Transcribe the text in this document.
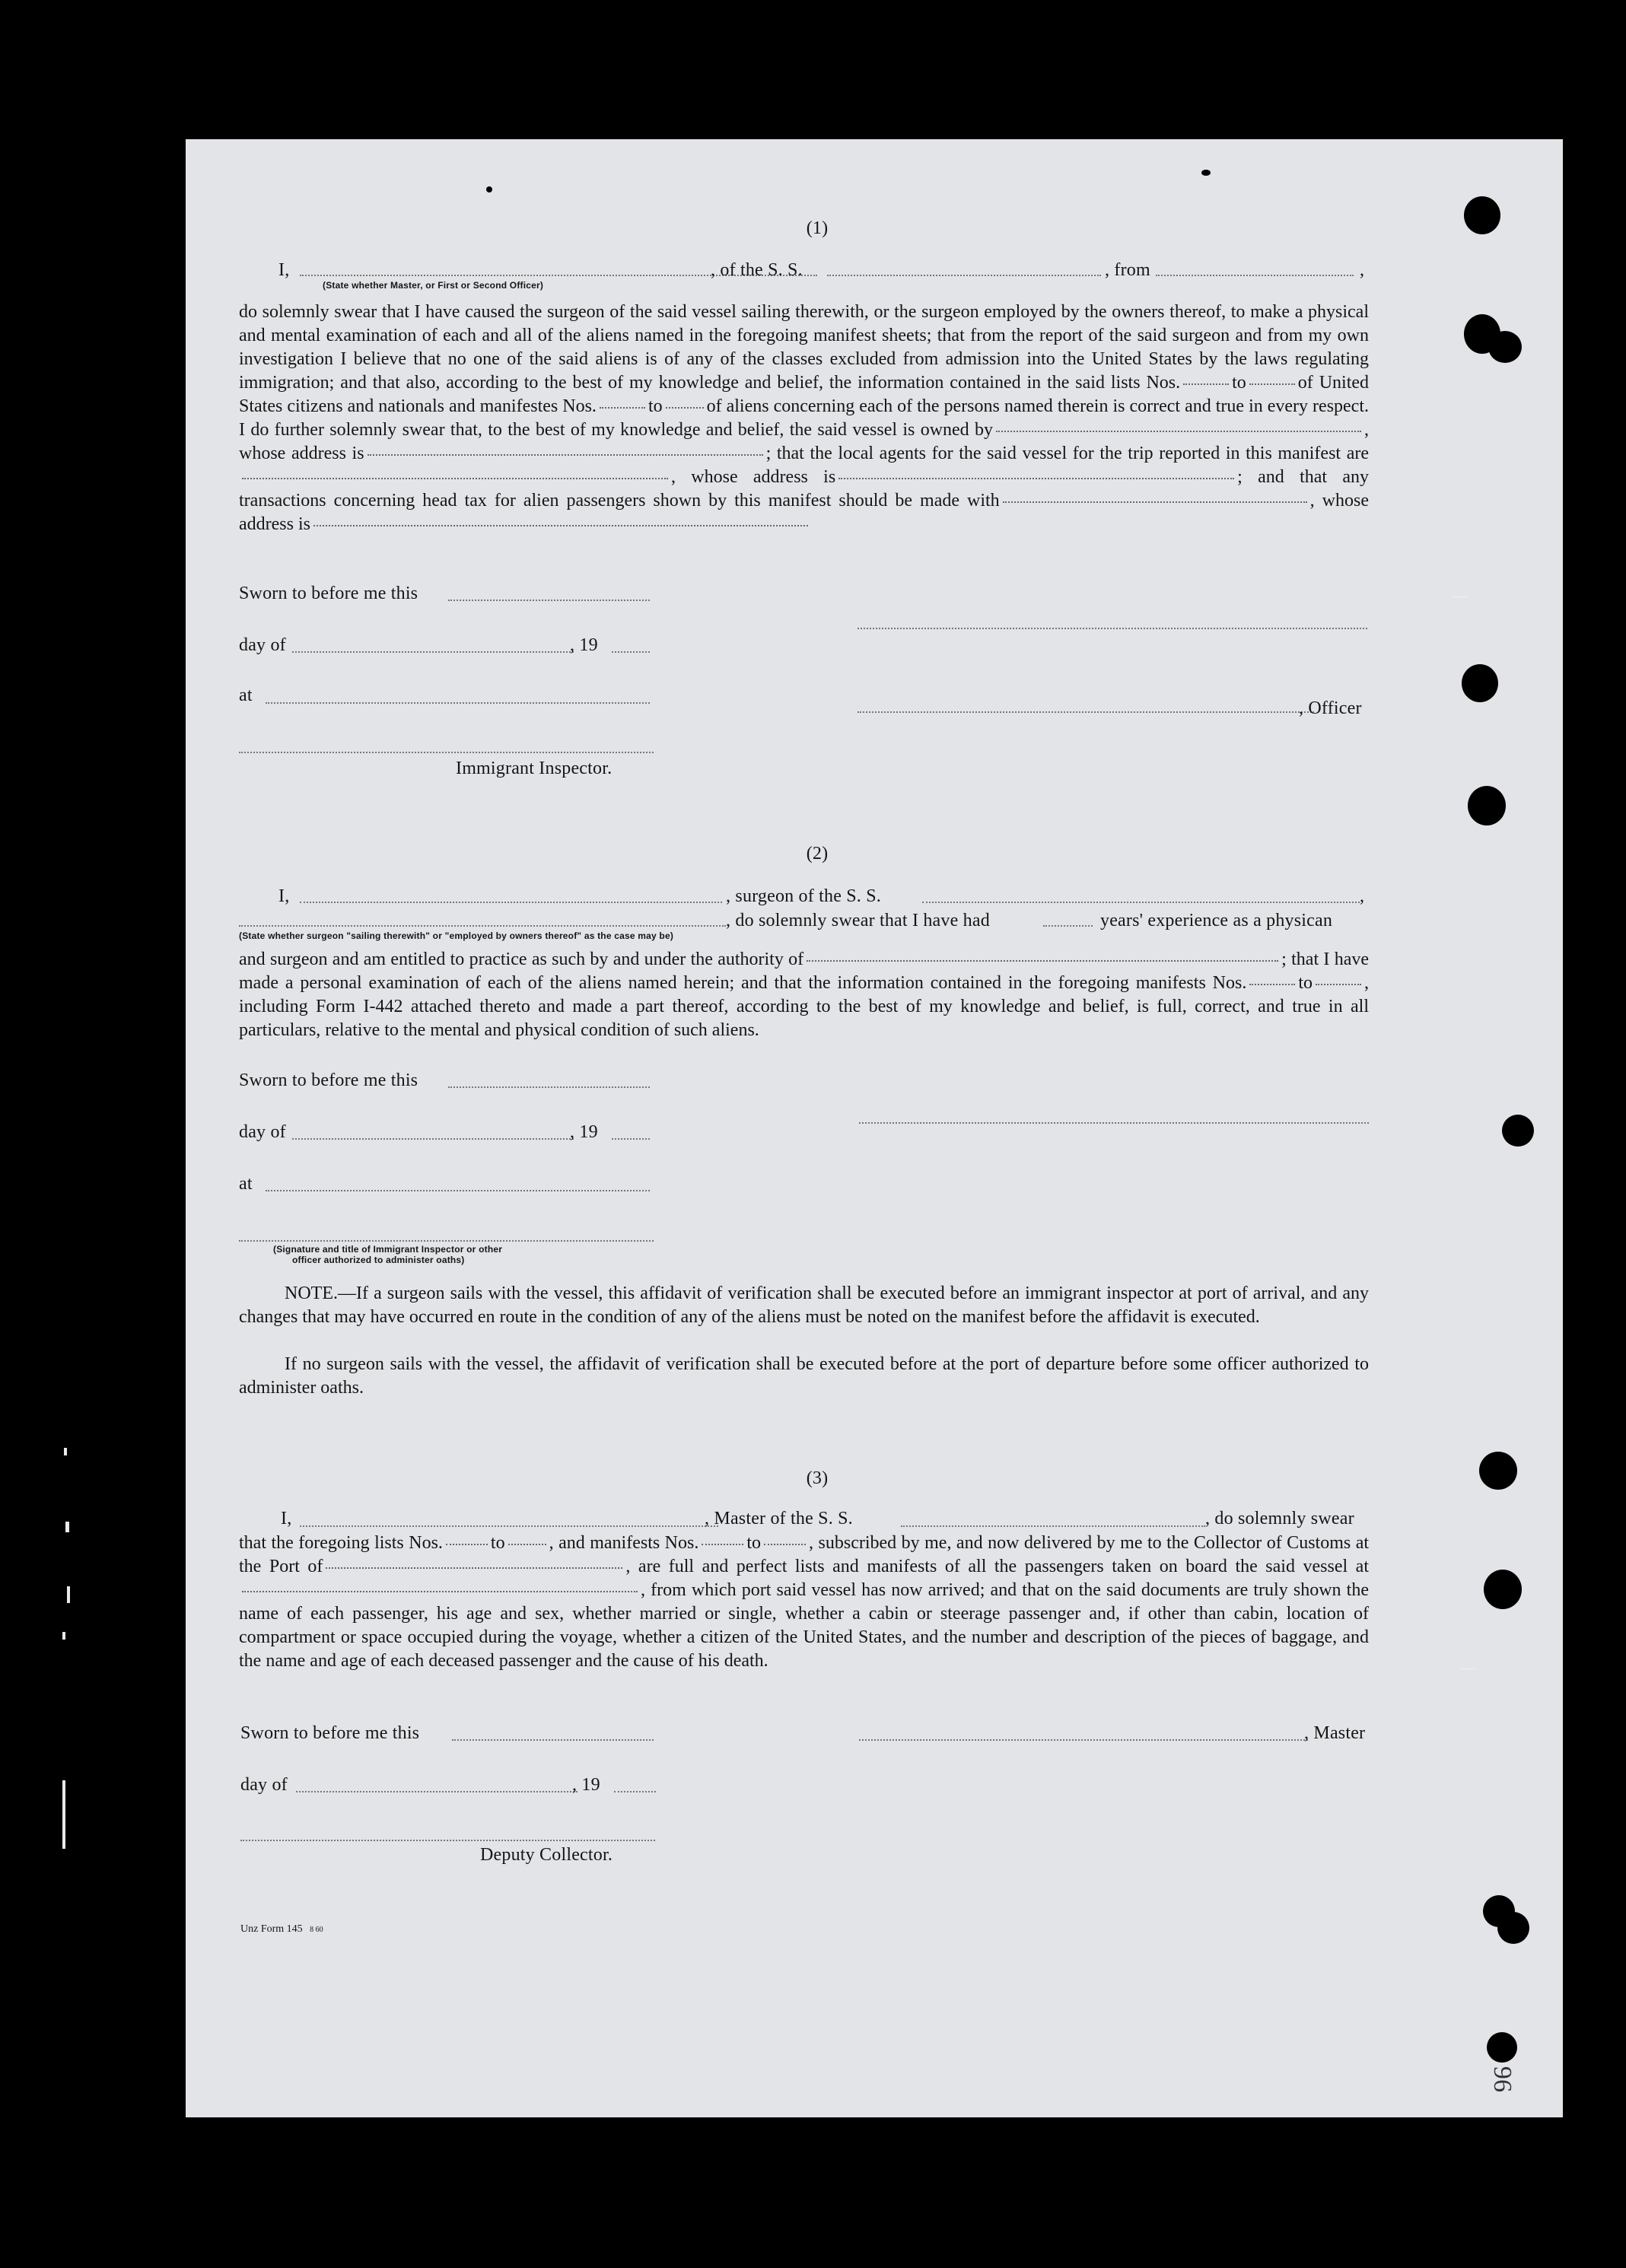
(1)
I,	, of the S. S.	, from	,
(State whether Master, or First or Second Officer)
do solemnly swear that I have caused the surgeon of the said vessel sailing therewith, or the surgeon employed by the owners thereof, to make a physical and mental examination of each and all of the aliens named in the foregoing manifest sheets; that from the report of the said surgeon and from my own investigation I believe that no one of the said aliens is of any of the classes excluded from admission into the United States by the laws regulating immigration; and that also, according to the best of my knowledge and belief, the information contained in the said lists Nos.	to	of United States citizens and nationals and manifestes Nos.	to of aliens concerning each of the persons named therein is correct and true in every respect. I do further solemnly swear that, to the best of my knowledge and belief, the said vessel is owned by	, whose address is	; that the local agents for the said vessel for the trip reported in this manifest are, whose address is	; and that any transactions concerning head tax for alien passengers shown by this manifest should be made with	, whose address is
Sworn to before me this
day of	, 19
at
, Officer
Immigrant Inspector.
(2)
I,	, surgeon of the S. S.	,
, do solemnly swear that I have had	years' experience as a physican
(State whether surgeon "sailing therewith" or "employed by owners thereof" as the case may be)
and surgeon and am entitled to practice as such by and under the authority of	; that I have made a personal examination of each of the aliens named herein; and that the information contained in the foregoing manifests Nos.	to	, including Form I-442 attached thereto and made a part thereof, according to the best of my knowledge and belief, is full, correct, and true in all particulars, relative to the mental and physical condition of such aliens.
Sworn to before me this
day of	, 19
at
(Signature and title of Immigrant Inspector or other
officer authorized to administer oaths)
NOTE.—If a surgeon sails with the vessel, this affidavit of verification shall be executed before an immigrant inspector at port of arrival, and any changes that may have occurred en route in the condition of any of the aliens must be noted on the manifest before the affidavit is executed.
If no surgeon sails with the vessel, the affidavit of verification shall be executed before at the port of departure before some officer authorized to administer oaths.
(3)
I,	, Master of the S. S.	, do solemnly swear
that the foregoing lists Nos.	to , and manifests Nos.	to	, subscribed by me, and now delivered by me to the Collector of Customs at the Port of	, are full and perfect lists and manifests of all the passengers taken on board the said vessel at, from which port said vessel has now arrived; and that on the said documents are truly shown the name of each passenger, his age and sex, whether married or single, whether a cabin or steerage passenger and, if other than cabin, location of compartment or space occupied during the voyage, whether a citizen of the United States, and the number and description of the pieces of baggage, and the name and age of each deceased passenger and the cause of his death.
Sworn to before me this	, Master
day of	, 19
Deputy Collector.
Unz Form 145 8 60
96
